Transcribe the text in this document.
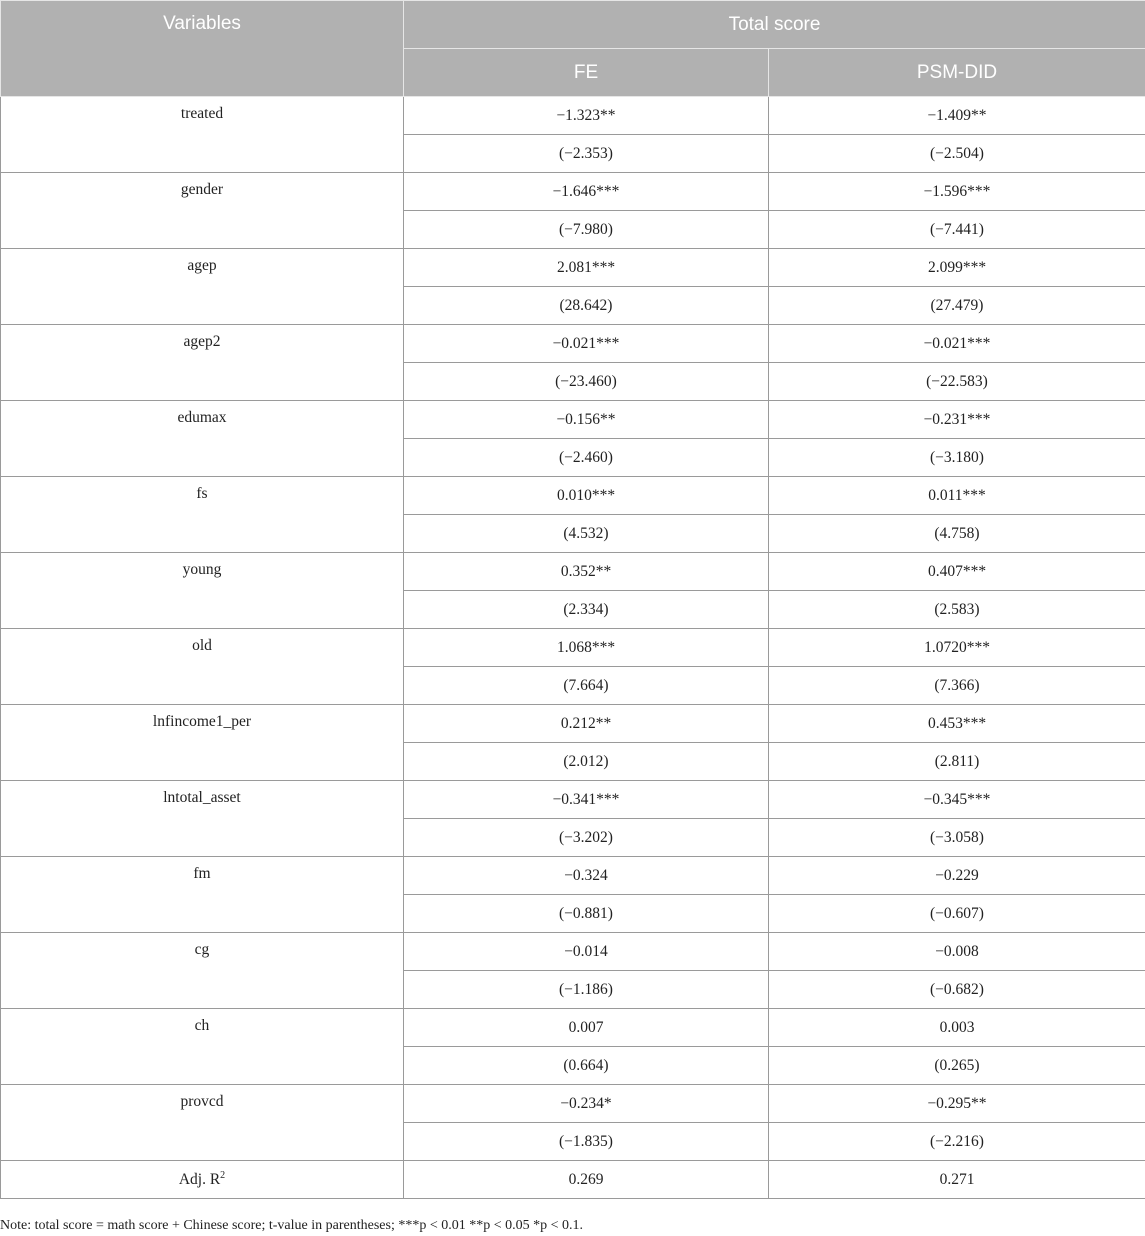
Variables	Total score	
	FE	PSM-DID
treated	−1.323**	−1.409**
	(−2.353)	(−2.504)
gender	−1.646***	−1.596***
	(−7.980)	(−7.441)
agep	2.081***	2.099***
	(28.642)	(27.479)
agep2	−0.021***	−0.021***
	(−23.460)	(−22.583)
edumax	−0.156**	−0.231***
	(−2.460)	(−3.180)
fs	0.010***	0.011***
	(4.532)	(4.758)
young	0.352**	0.407***
	(2.334)	(2.583)
old	1.068***	1.0720***
	(7.664)	(7.366)
lnfincome1_per	0.212**	0.453***
	(2.012)	(2.811)
lntotal_asset	−0.341***	−0.345***
	(−3.202)	(−3.058)
fm	−0.324	−0.229
	(−0.881)	(−0.607)
cg	−0.014	−0.008
	(−1.186)	(−0.682)
ch	0.007	0.003
	(0.664)	(0.265)
provcd	−0.234*	−0.295**
	(−1.835)	(−2.216)
Adj. $R^2$	0.269	0.271
Note: total score = math score + Chinese score; t-value in parentheses; ***p < 0.01 **p < 0.05 *p < 0.1.
